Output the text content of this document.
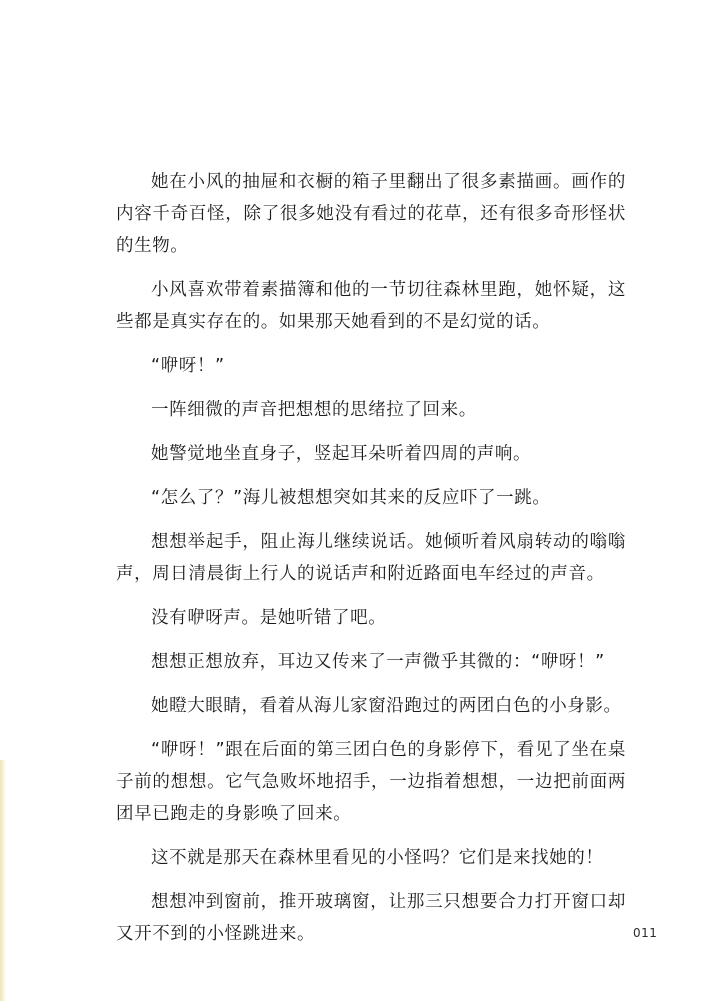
她在小风的抽屉和衣橱的箱子里翻出了很多素描画。画作的内容千奇百怪，除了很多她没有看过的花草，还有很多奇形怪状的生物。

小风喜欢带着素描簿和他的一节切往森林里跑，她怀疑，这些都是真实存在的。如果那天她看到的不是幻觉的话。

“咿呀！”

一阵细微的声音把想想的思绪拉了回来。

她警觉地坐直身子，竖起耳朵听着四周的声响。

“怎么了？”海儿被想想突如其来的反应吓了一跳。

想想举起手，阻止海儿继续说话。她倾听着风扇转动的嗡嗡声，周日清晨街上行人的说话声和附近路面电车经过的声音。

没有咿呀声。是她听错了吧。

想想正想放弃，耳边又传来了一声微乎其微的：“咿呀！”

她瞪大眼睛，看着从海儿家窗沿跑过的两团白色的小身影。

“咿呀！”跟在后面的第三团白色的身影停下，看见了坐在桌子前的想想。它气急败坏地招手，一边指着想想，一边把前面两团早已跑走的身影唤了回来。

这不就是那天在森林里看见的小怪吗？它们是来找她的！

想想冲到窗前，推开玻璃窗，让那三只想要合力打开窗口却又开不到的小怪跳进来。	011
